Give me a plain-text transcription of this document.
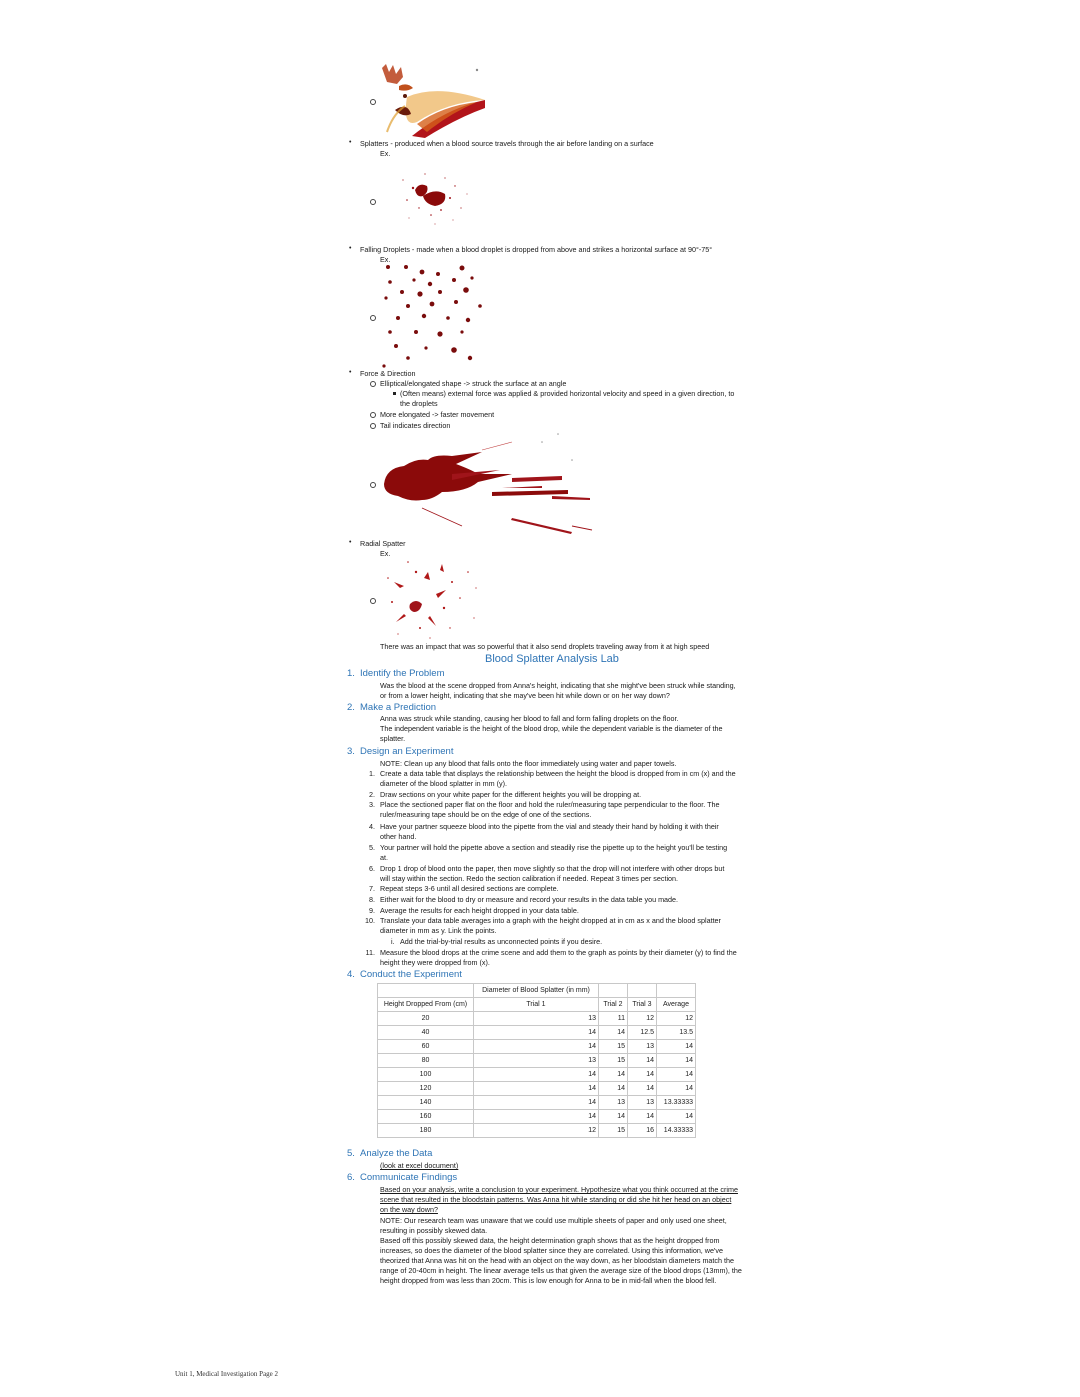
• Splatters - produced when a blood source travels through the air before landing on a surface
Ex.
• Falling Droplets - made when a blood droplet is dropped from above and strikes a horizontal surface at 90°-75°
Ex.
• Force & Direction
Elliptical/elongated shape -> struck the surface at an angle
(Often means) external force was applied & provided horizontal velocity and speed in a given direction, to
the droplets
More elongated -> faster movement
Tail indicates direction
• Radial Spatter
Ex.
There was an impact that was so powerful that it also send droplets traveling away from it at high speed
Blood Splatter Analysis Lab
1. Identify the Problem
Was the blood at the scene dropped from Anna's height, indicating that she might've been struck while standing,
or from a lower height, indicating that she may've been hit while down or on her way down?
2. Make a Prediction
Anna was struck while standing, causing her blood to fall and form falling droplets on the floor.
The independent variable is the height of the blood drop, while the dependent variable is the diameter of the
splatter.
3. Design an Experiment
NOTE: Clean up any blood that falls onto the floor immediately using water and paper towels.
1. Create a data table that displays the relationship between the height the blood is dropped from in cm (x) and the
diameter of the blood splatter in mm (y).
2. Draw sections on your white paper for the different heights you will be dropping at.
3. Place the sectioned paper flat on the floor and hold the ruler/measuring tape perpendicular to the floor. The
ruler/measuring tape should be on the edge of one of the sections.
4. Have your partner squeeze blood into the pipette from the vial and steady their hand by holding it with their
other hand.
5. Your partner will hold the pipette above a section and steadily rise the pipette up to the height you'll be testing
at.
6. Drop 1 drop of blood onto the paper, then move slightly so that the drop will not interfere with other drops but
will stay within the section. Redo the section calibration if needed. Repeat 3 times per section.
7. Repeat steps 3-6 until all desired sections are complete.
8. Either wait for the blood to dry or measure and record your results in the data table you made.
9. Average the results for each height dropped in your data table.
10. Translate your data table averages into a graph with the height dropped at in cm as x and the blood splatter
diameter in mm as y. Link the points.
i. Add the trial-by-trial results as unconnected points if you desire.
11. Measure the blood drops at the crime scene and add them to the graph as points by their diameter (y) to find the
height they were dropped from (x).
4. Conduct the Experiment
	Diameter of Blood Splatter (in mm)			
Height Dropped From (cm)	Trial 1	Trial 2	Trial 3	Average
20	13	11	12	12
40	14	14	12.5	13.5
60	14	15	13	14
80	13	15	14	14
100	14	14	14	14
120	14	14	14	14
140	14	13	13	13.33333
160	14	14	14	14
180	12	15	16	14.33333
5. Analyze the Data
(look at excel document)
6. Communicate Findings
Based on your analysis, write a conclusion to your experiment. Hypothesize what you think occurred at the crime
scene that resulted in the bloodstain patterns. Was Anna hit while standing or did she hit her head on an object
on the way down?
NOTE: Our research team was unaware that we could use multiple sheets of paper and only used one sheet,
resulting in possibly skewed data.
Based off this possibly skewed data, the height determination graph shows that as the height dropped from
increases, so does the diameter of the blood splatter since they are correlated. Using this information, we've
theorized that Anna was hit on the head with an object on the way down, as her bloodstain diameters match the
range of 20-40cm in height. The linear average tells us that given the average size of the blood drops (13mm), the
height dropped from was less than 20cm. This is low enough for Anna to be in mid-fall when the blood fell.
Unit 1, Medical Investigation Page 2
